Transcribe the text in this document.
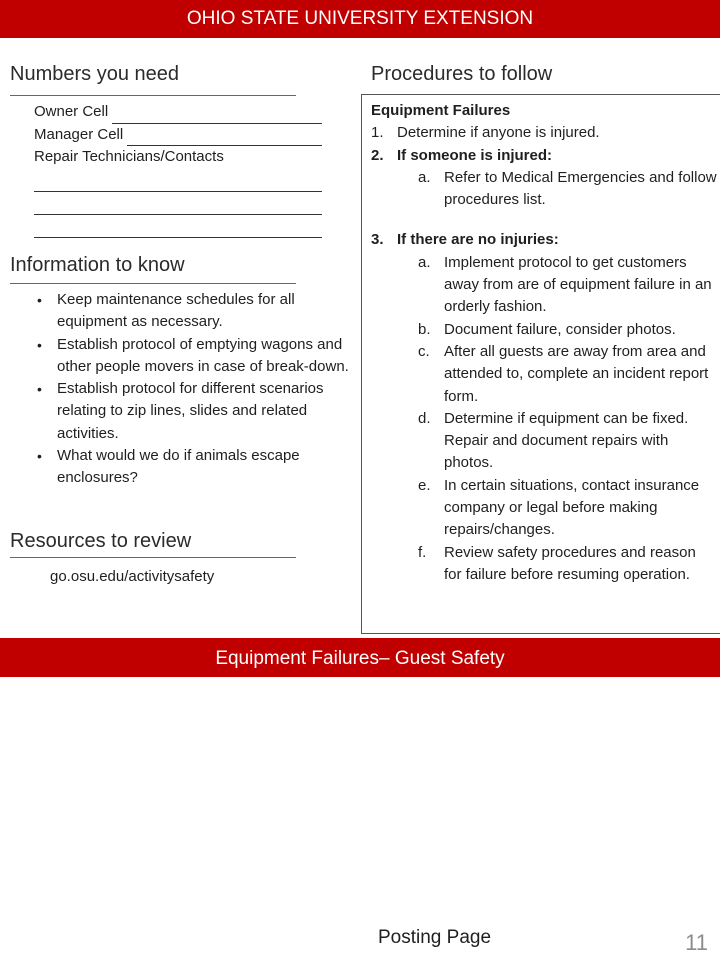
OHIO STATE UNIVERSITY EXTENSION
Numbers you need
Owner Cell
Manager Cell
Repair Technicians/Contacts
Information to know
• Keep maintenance schedules for all equipment as necessary.
• Establish protocol of emptying wagons and other people movers in case of break-down.
• Establish protocol for different scenarios relating to zip lines, slides and related activities.
• What would we do if animals escape enclosures?
Resources to review
go.osu.edu/activitysafety
Procedures to follow

Equipment Failures

1. Determine if anyone is injured.
2. If someone is injured:
a. Refer to Medical Emergencies and follow procedures list.
3. If there are no injuries:
a. Implement protocol to get customers away from are of equipment failure in an orderly fashion.
b. Document failure, consider photos.
c. After all guests are away from area and attended to, complete an incident report form.
d. Determine if equipment can be fixed. Repair and document repairs with photos.
e. In certain situations, contact insurance company or legal before making repairs/changes.
f.	Review safety procedures and reason for failure before resuming operation.
Equipment Failures– Guest Safety
Posting Page	11
